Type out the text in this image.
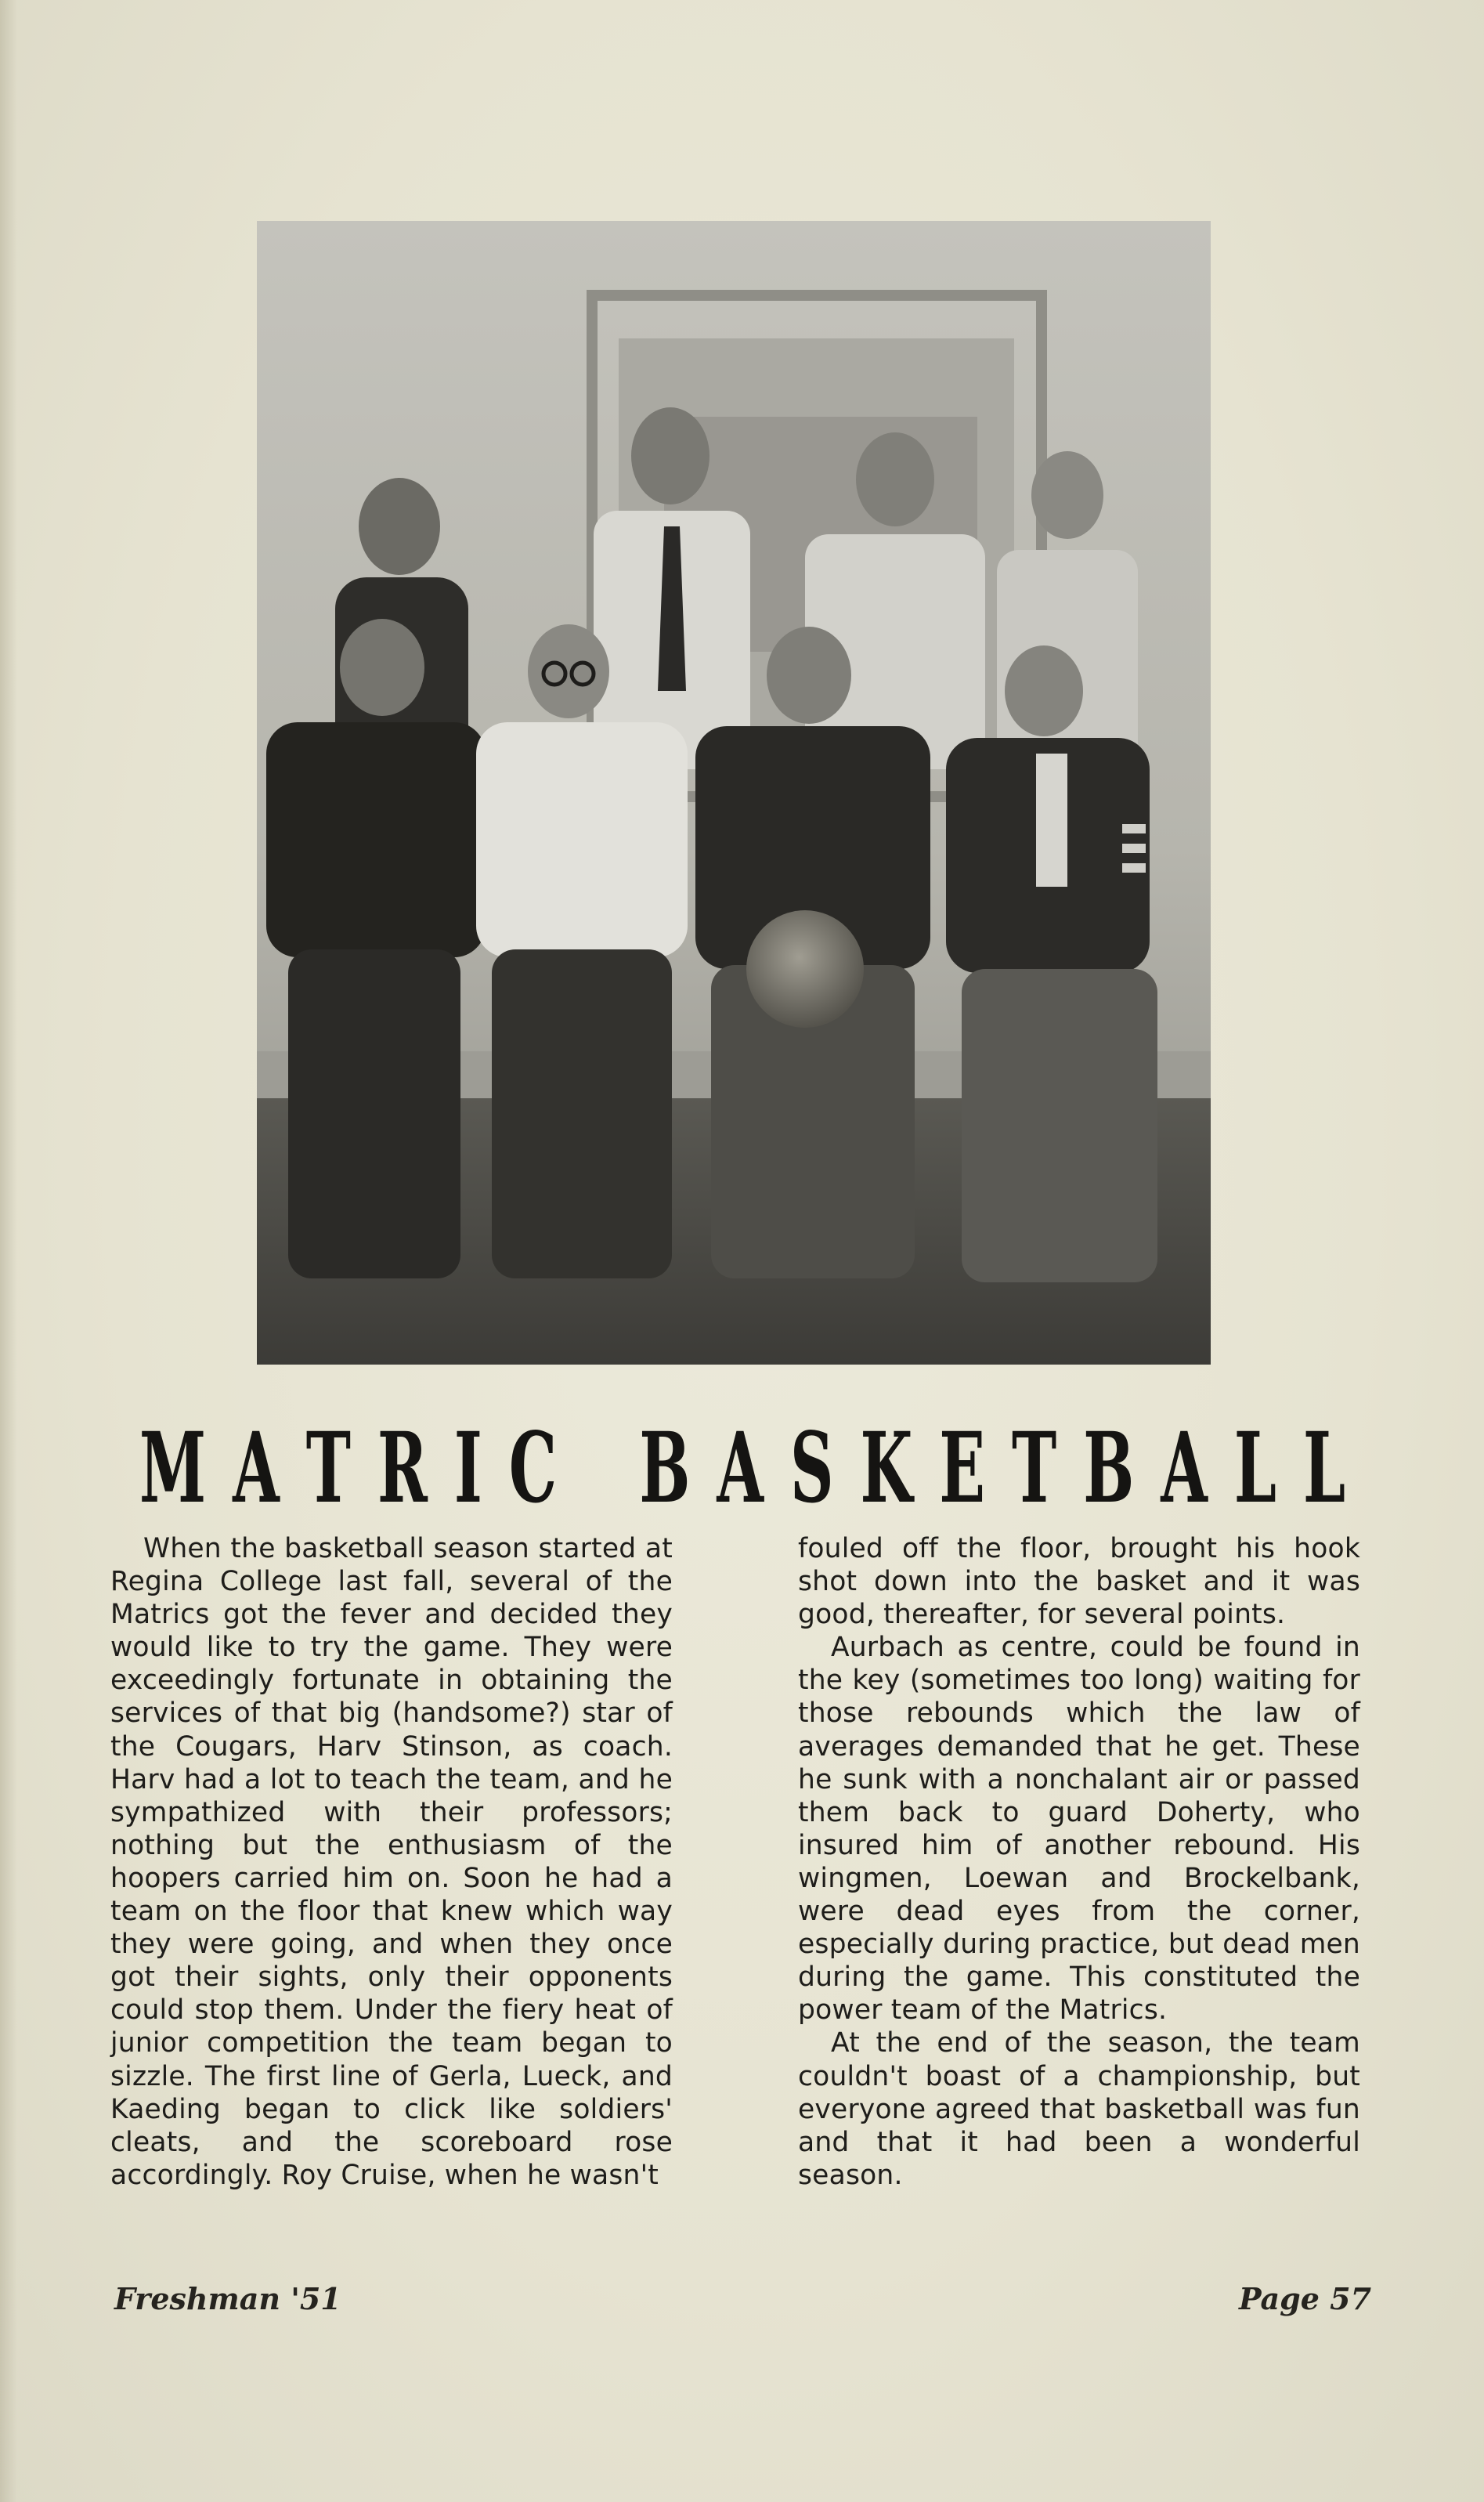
M A T R I C B A S K E T B A L L

When the basketball season started at Regina College last fall, several of the Matrics got the fever and decided they would like to try the game. They were exceedingly fortunate in obtaining the services of that big (handsome?) star of the Cougars, Harv Stinson, as coach. Harv had a lot to teach the team, and he sympathized with their professors; nothing but the enthusiasm of the hoopers carried him on. Soon he had a team on the floor that knew which way they were going, and when they once got their sights, only their opponents could stop them. Under the fiery heat of junior competition the team began to sizzle. The first line of Gerla, Lueck, and Kaeding began to click like soldiers' cleats, and the scoreboard rose accordingly. Roy Cruise, when he wasn't

fouled off the floor, brought his hook shot down into the basket and it was good, thereafter, for several points.

Aurbach as centre, could be found in the key (sometimes too long) waiting for those rebounds which the law of averages demanded that he get. These he sunk with a nonchalant air or passed them back to guard Doherty, who insured him of another rebound. His wingmen, Loewan and Brockelbank, were dead eyes from the corner, especially during practice, but dead men during the game. This constituted the power team of the Matrics.

At the end of the season, the team couldn't boast of a championship, but everyone agreed that basketball was fun and that it had been a wonderful season.

Freshman '51	Page 57
